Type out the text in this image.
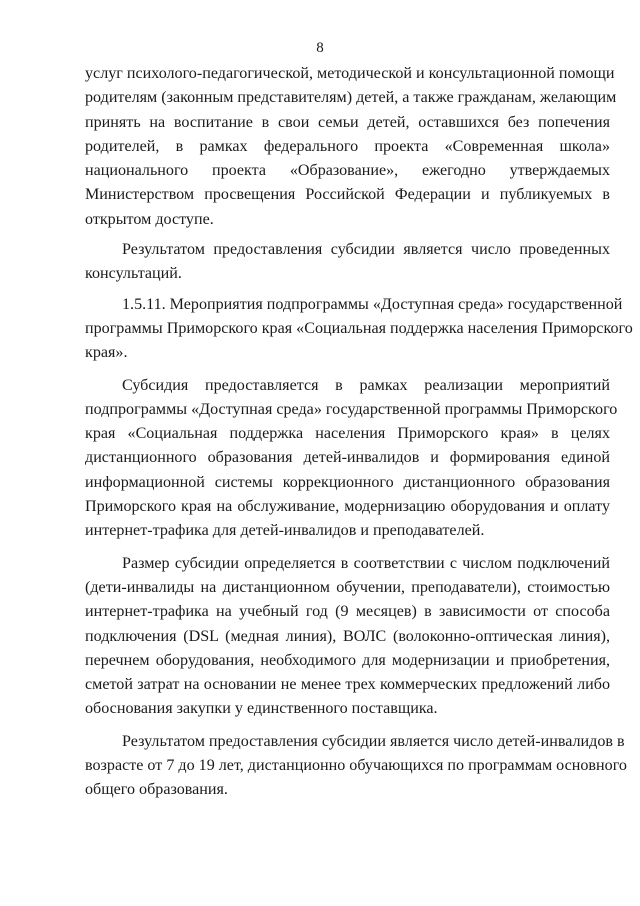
8

услуг психолого-педагогической, методической и консультационной помощи
родителям (законным представителям) детей, а также гражданам, желающим
принять на воспитание в свои семьи детей, оставшихся без попечения
родителей, в рамках федерального проекта «Современная школа»
национального проекта «Образование», ежегодно утверждаемых
Министерством просвещения Российской Федерации и публикуемых в
открытом доступе.

Результатом предоставления субсидии является число проведенных
консультаций.

1.5.11. Мероприятия подпрограммы «Доступная среда» государственной
программы Приморского края «Социальная поддержка населения Приморского
края».

Субсидия предоставляется в рамках реализации мероприятий
подпрограммы «Доступная среда» государственной программы Приморского
края «Социальная поддержка населения Приморского края» в целях
дистанционного образования детей-инвалидов и формирования единой
информационной системы коррекционного дистанционного образования
Приморского края на обслуживание, модернизацию оборудования и оплату
интернет-трафика для детей-инвалидов и преподавателей.

Размер субсидии определяется в соответствии с числом подключений
(дети-инвалиды на дистанционном обучении, преподаватели), стоимостью
интернет-трафика на учебный год (9 месяцев) в зависимости от способа
подключения (DSL (медная линия), ВОЛС (волоконно-оптическая линия),
перечнем оборудования, необходимого для модернизации и приобретения,
сметой затрат на основании не менее трех коммерческих предложений либо
обоснования закупки у единственного поставщика.

Результатом предоставления субсидии является число детей-инвалидов в
возрасте от 7 до 19 лет, дистанционно обучающихся по программам основного
общего образования.
